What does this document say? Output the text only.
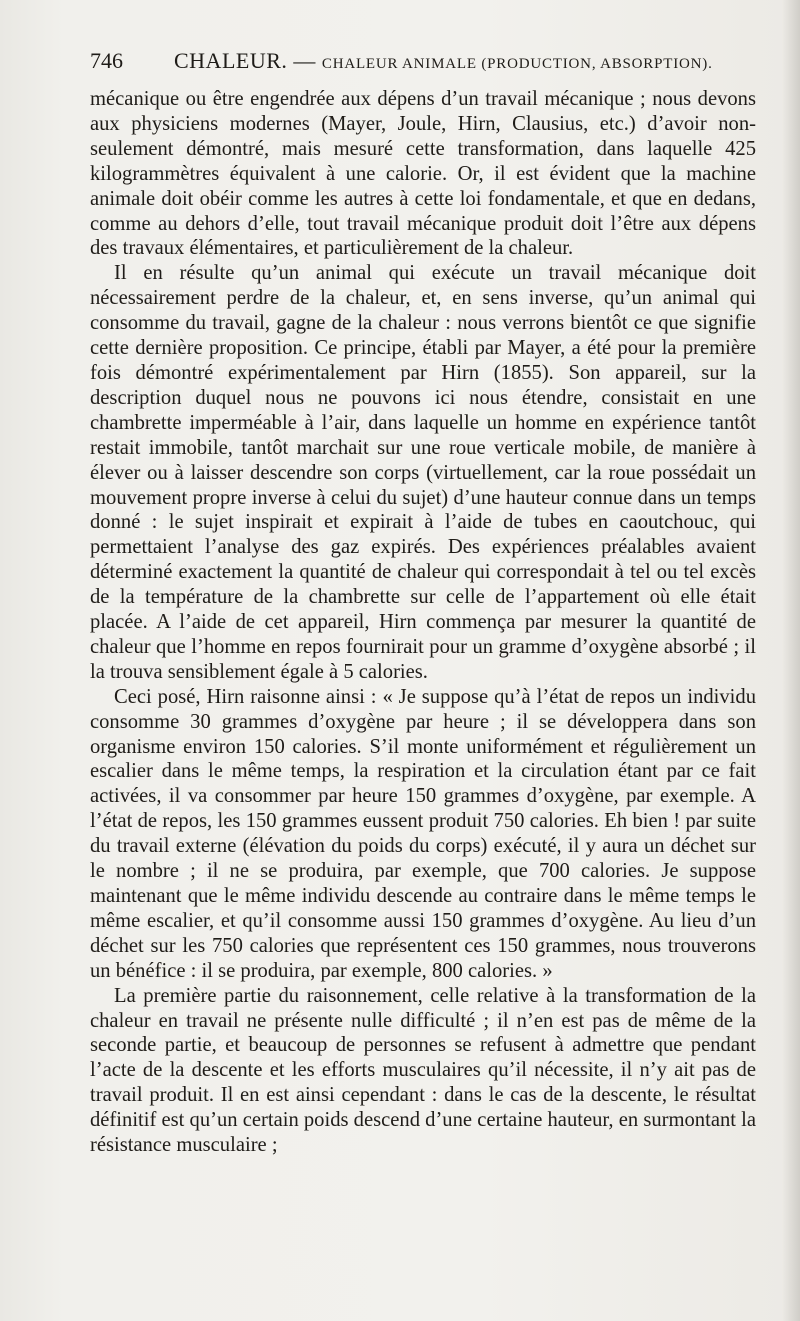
746 CHALEUR. — CHALEUR ANIMALE (PRODUCTION, ABSORPTION).

mécanique ou être engendrée aux dépens d’un travail mécanique ; nous devons aux physiciens modernes (Mayer, Joule, Hirn, Clausius, etc.) d’avoir non-seulement démontré, mais mesuré cette transformation, dans laquelle 425 kilogrammètres équivalent à une calorie. Or, il est évident que la machine animale doit obéir comme les autres à cette loi fondamentale, et que en dedans, comme au dehors d’elle, tout travail mécanique produit doit l’être aux dépens des travaux élémentaires, et particulièrement de la chaleur.

Il en résulte qu’un animal qui exécute un travail mécanique doit nécessairement perdre de la chaleur, et, en sens inverse, qu’un animal qui consomme du travail, gagne de la chaleur : nous verrons bientôt ce que signifie cette dernière proposition. Ce principe, établi par Mayer, a été pour la première fois démontré expérimentalement par Hirn (1855). Son appareil, sur la description duquel nous ne pouvons ici nous étendre, consistait en une chambrette imperméable à l’air, dans laquelle un homme en expérience tantôt restait immobile, tantôt marchait sur une roue verticale mobile, de manière à élever ou à laisser descendre son corps (virtuellement, car la roue possédait un mouvement propre inverse à celui du sujet) d’une hauteur connue dans un temps donné : le sujet inspirait et expirait à l’aide de tubes en caoutchouc, qui permettaient l’analyse des gaz expirés. Des expériences préalables avaient déterminé exactement la quantité de chaleur qui correspondait à tel ou tel excès de la température de la chambrette sur celle de l’appartement où elle était placée. A l’aide de cet appareil, Hirn commença par mesurer la quantité de chaleur que l’homme en repos fournirait pour un gramme d’oxygène absorbé ; il la trouva sensiblement égale à 5 calories.

Ceci posé, Hirn raisonne ainsi : « Je suppose qu’à l’état de repos un individu consomme 30 grammes d’oxygène par heure ; il se développera dans son organisme environ 150 calories. S’il monte uniformément et régulièrement un escalier dans le même temps, la respiration et la circulation étant par ce fait activées, il va consommer par heure 150 grammes d’oxygène, par exemple. A l’état de repos, les 150 grammes eussent produit 750 calories. Eh bien ! par suite du travail externe (élévation du poids du corps) exécuté, il y aura un déchet sur le nombre ; il ne se produira, par exemple, que 700 calories. Je suppose maintenant que le même individu descende au contraire dans le même temps le même escalier, et qu’il consomme aussi 150 grammes d’oxygène. Au lieu d’un déchet sur les 750 calories que représentent ces 150 grammes, nous trouverons un bénéfice : il se produira, par exemple, 800 calories. »

La première partie du raisonnement, celle relative à la transformation de la chaleur en travail ne présente nulle difficulté ; il n’en est pas de même de la seconde partie, et beaucoup de personnes se refusent à admettre que pendant l’acte de la descente et les efforts musculaires qu’il nécessite, il n’y ait pas de travail produit. Il en est ainsi cependant : dans le cas de la descente, le résultat définitif est qu’un certain poids descend d’une certaine hauteur, en surmontant la résistance musculaire ;
